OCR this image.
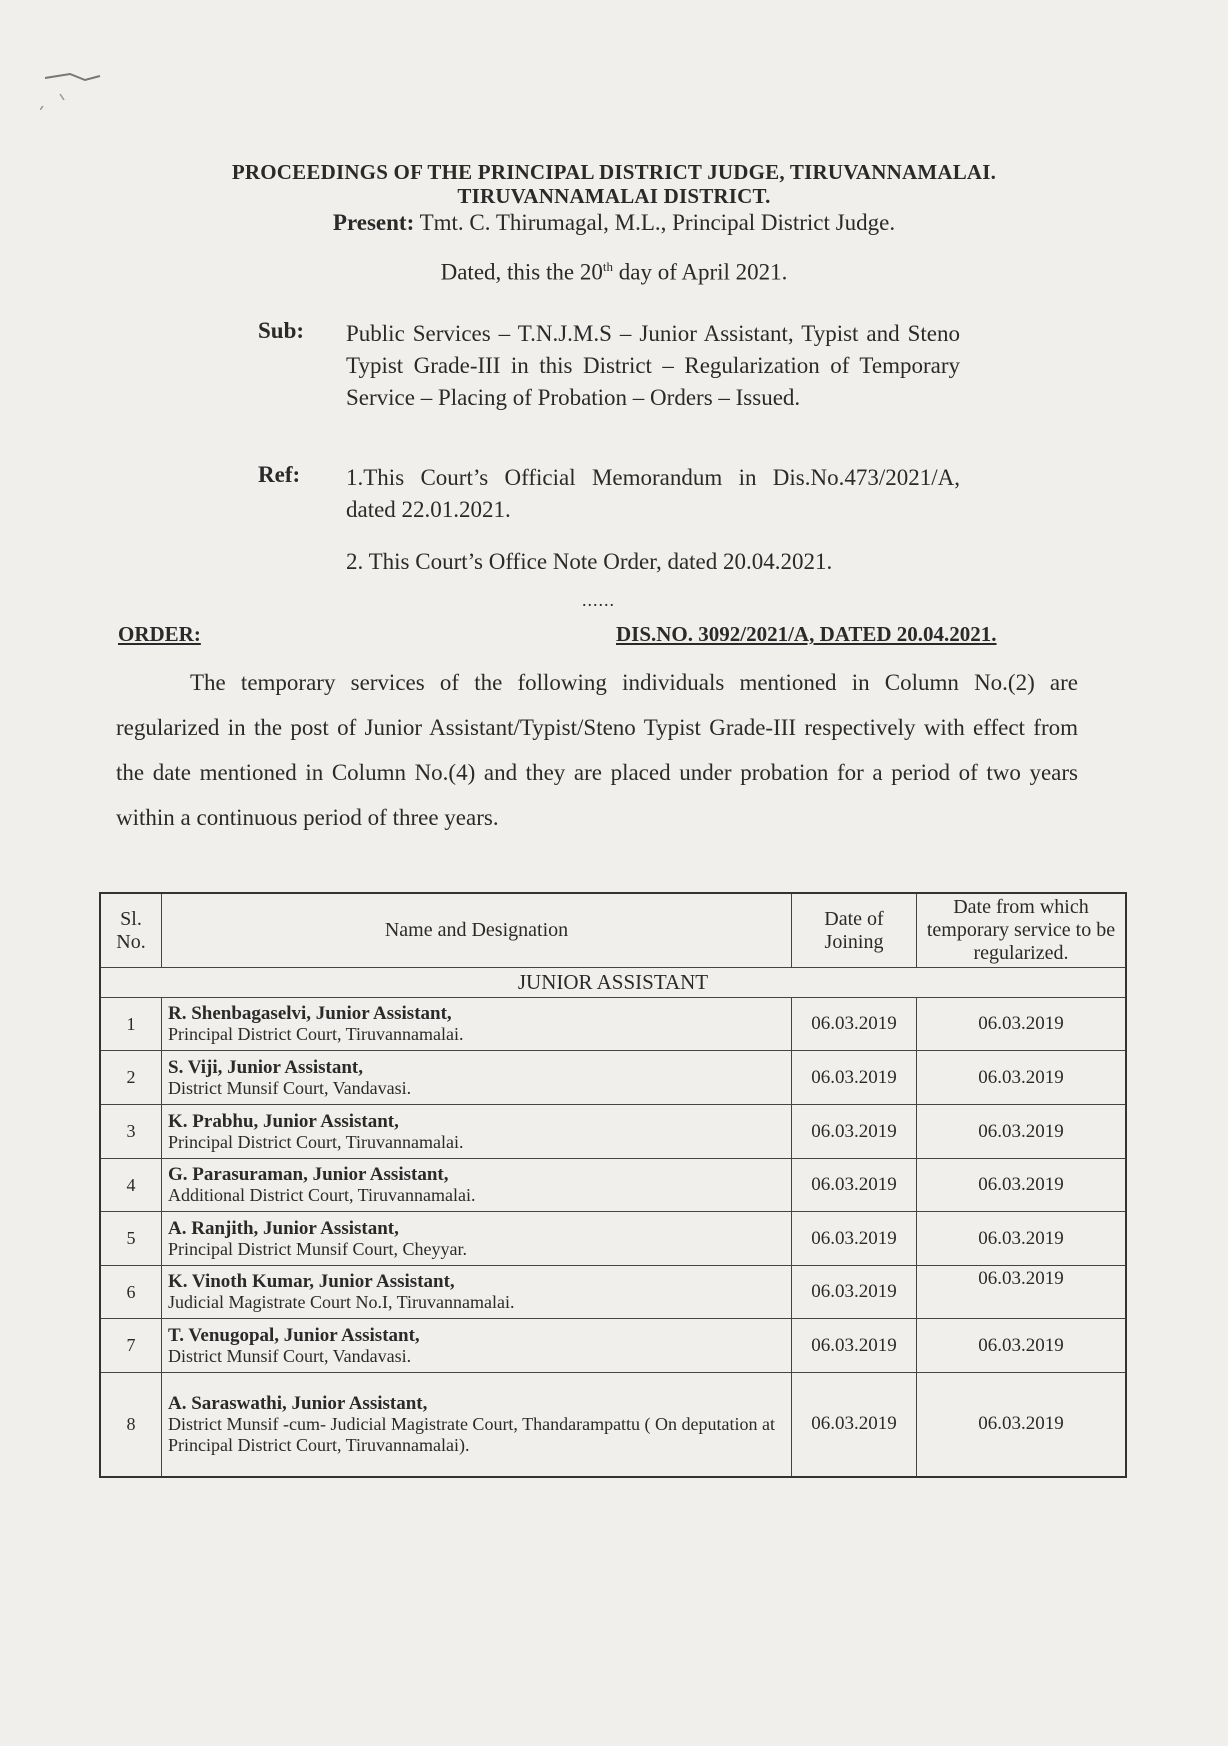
PROCEEDINGS OF THE PRINCIPAL DISTRICT JUDGE, TIRUVANNAMALAI.
TIRUVANNAMALAI DISTRICT.
Present: Tmt. C. Thirumagal, M.L., Principal District Judge.
Dated, this the 20th day of April 2021.
Sub: Public Services – T.N.J.M.S – Junior Assistant, Typist and Steno Typist Grade-III in this District – Regularization of Temporary Service – Placing of Probation – Orders – Issued.
Ref: 1.This Court’s Official Memorandum in Dis.No.473/2021/A, dated 22.01.2021.
2. This Court’s Office Note Order, dated 20.04.2021.
......
ORDER:	DIS.NO. 3092/2021/A, DATED 20.04.2021.
The temporary services of the following individuals mentioned in Column No.(2) are regularized in the post of Junior Assistant/Typist/Steno Typist Grade-III respectively with effect from the date mentioned in Column No.(4) and they are placed under probation for a period of two years within a continuous period of three years.
Sl. No.	Name and Designation	Date of Joining	Date from which temporary service to be regularized.
JUNIOR ASSISTANT			
1	R. Shenbagaselvi, Junior Assistant,
Principal District Court, Tiruvannamalai.	06.03.2019	06.03.2019
2	S. Viji, Junior Assistant,
District Munsif Court, Vandavasi.	06.03.2019	06.03.2019
3	K. Prabhu, Junior Assistant,
Principal District Court, Tiruvannamalai.	06.03.2019	06.03.2019
4	G. Parasuraman, Junior Assistant,
Additional District Court, Tiruvannamalai.	06.03.2019	06.03.2019
5	A. Ranjith, Junior Assistant,
Principal District Munsif Court, Cheyyar.	06.03.2019	06.03.2019
6	K. Vinoth Kumar, Junior Assistant,
Judicial Magistrate Court No.I, Tiruvannamalai.	06.03.2019	06.03.2019
7	T. Venugopal, Junior Assistant,
District Munsif Court, Vandavasi.	06.03.2019	06.03.2019
8	A. Saraswathi, Junior Assistant,
District Munsif -cum- Judicial Magistrate Court, Thandarampattu ( On deputation at Principal District Court, Tiruvannamalai).	06.03.2019	06.03.2019
